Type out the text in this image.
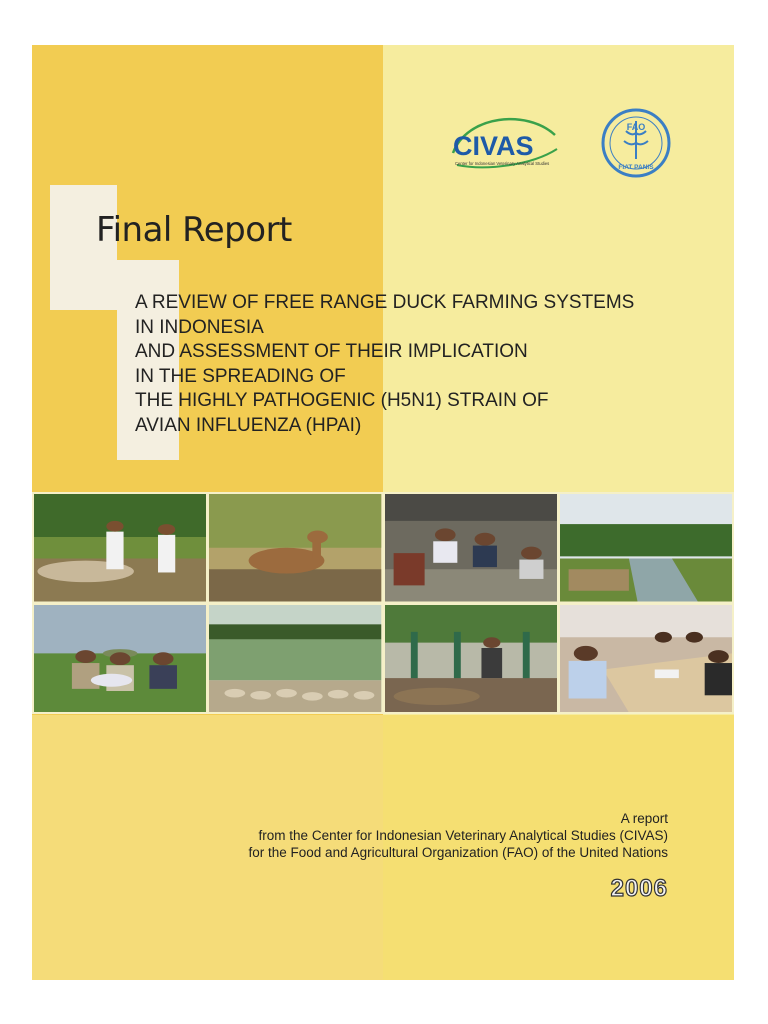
CIVAS
Center for Indonesian Veterinary Analytical Studies
FAO
FIAT PANIS
Final Report
A REVIEW OF FREE RANGE DUCK FARMING SYSTEMS
IN INDONESIA
AND ASSESSMENT OF THEIR IMPLICATION
IN THE SPREADING OF
THE HIGHLY PATHOGENIC (H5N1) STRAIN OF
AVIAN INFLUENZA (HPAI)
A report
from the Center for Indonesian Veterinary Analytical Studies (CIVAS)
for the Food and Agricultural Organization (FAO) of the United Nations
2006
